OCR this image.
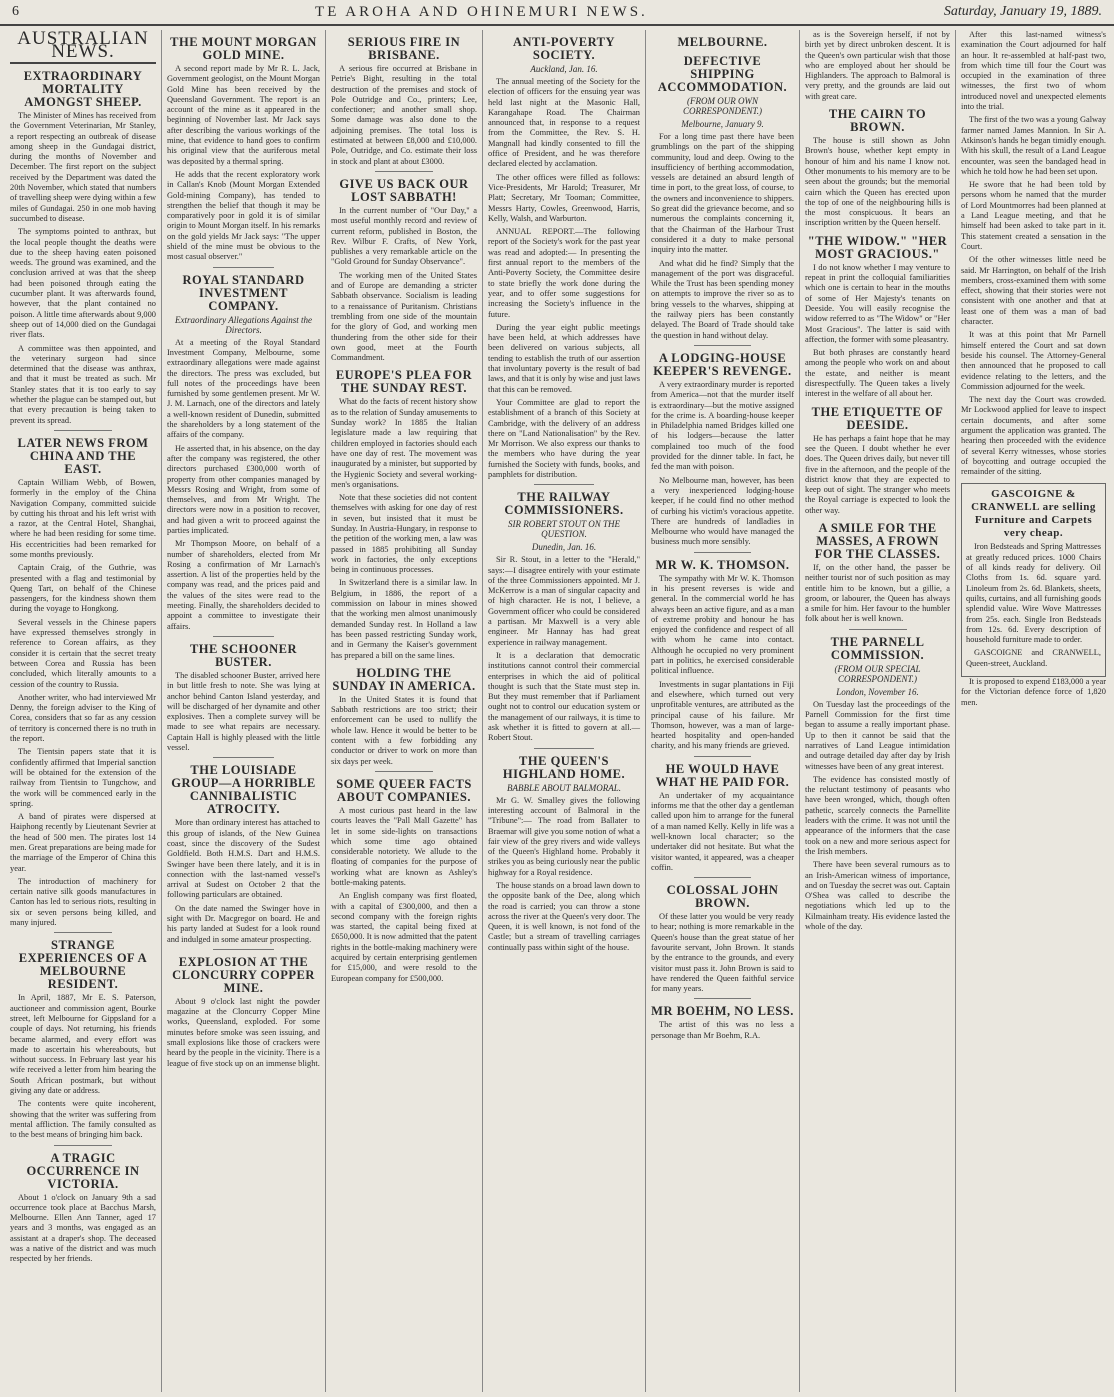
6	TE AROHA AND OHINEMURI NEWS.	Saturday, January 19, 1889.
AUSTRALIAN NEWS.
EXTRAORDINARY MORTALITY AMONGST SHEEP.

The Minister of Mines has received from the Government Veterinarian, Mr Stanley, a report respecting an outbreak of disease among sheep in the Gundagai district, during the months of November and December. The first report on the subject received by the Department was dated the 20th November, which stated that numbers of travelling sheep were dying within a few miles of Gundagai. 250 in one mob having succumbed to disease.

The symptoms pointed to anthrax, but the local people thought the deaths were due to the sheep having eaten poisoned weeds. The ground was examined, and the conclusion arrived at was that the sheep had been poisoned through eating the cucumber plant. It was afterwards found, however, that the plant contained no poison. A little time afterwards about 9,000 sheep out of 14,000 died on the Gundagai river flats.

A committee was then appointed, and the veterinary surgeon had since determined that the disease was anthrax, and that it must be treated as such. Mr Stanley states that it is too early to say whether the plague can be stamped out, but that every precaution is being taken to prevent its spread.

LATER NEWS FROM CHINA AND THE EAST.

Captain William Webb, of Bowen, formerly in the employ of the China Navigation Company, committed suicide by cutting his throat and his left wrist with a razor, at the Central Hotel, Shanghai, where he had been residing for some time. His eccentricities had been remarked for some months previously.

Captain Craig, of the Guthrie, was presented with a flag and testimonial by Queng Tart, on behalf of the Chinese passengers, for the kindness shown them during the voyage to Hongkong.

Several vessels in the Chinese papers have expressed themselves strongly in reference to Corean affairs, as they consider it is certain that the secret treaty between Corea and Russia has been concluded, which literally amounts to a cession of the country to Russia.

Another writer, who had interviewed Mr Denny, the foreign adviser to the King of Corea, considers that so far as any cession of territory is concerned there is no truth in the report.

The Tientsin papers state that it is confidently affirmed that Imperial sanction will be obtained for the extension of the railway from Tientsin to Tungchow, and the work will be commenced early in the spring.

A band of pirates were dispersed at Haiphong recently by Lieutenant Sevrier at the head of 500 men. The pirates lost 14 men. Great preparations are being made for the marriage of the Emperor of China this year.

The introduction of machinery for certain native silk goods manufactures in Canton has led to serious riots, resulting in six or seven persons being killed, and many injured.

STRANGE EXPERIENCES OF A MELBOURNE RESIDENT.

In April, 1887, Mr E. S. Paterson, auctioneer and commission agent, Bourke street, left Melbourne for Gippsland for a couple of days. Not returning, his friends became alarmed, and every effort was made to ascertain his whereabouts, but without success. In February last year his wife received a letter from him bearing the South African postmark, but without giving any date or address.

The contents were quite incoherent, showing that the writer was suffering from mental affliction. The family consulted as to the best means of bringing him back.

A TRAGIC OCCURRENCE IN VICTORIA.

About 1 o'clock on January 9th a sad occurrence took place at Bacchus Marsh, Melbourne. Ellen Ann Tanner, aged 17 years and 3 months, was engaged as an assistant at a draper's shop. The deceased was a native of the district and was much respected by her friends.

THE MOUNT MORGAN GOLD MINE.

A second report made by Mr R. L. Jack, Government geologist, on the Mount Morgan Gold Mine has been received by the Queensland Government. The report is an account of the mine as it appeared in the beginning of November last. Mr Jack says after describing the various workings of the mine, that evidence to hand goes to confirm his original view that the auriferous metal was deposited by a thermal spring.

He adds that the recent exploratory work in Callan's Knob (Mount Morgan Extended Gold-mining Company), has tended to strengthen the belief that though it may be comparatively poor in gold it is of similar origin to Mount Morgan itself. In his remarks on the gold yields Mr Jack says: "The upper shield of the mine must be obvious to the most casual observer."

ROYAL STANDARD INVESTMENT COMPANY.
Extraordinary Allegations Against the Directors.

At a meeting of the Royal Standard Investment Company, Melbourne, some extraordinary allegations were made against the directors. The press was excluded, but full notes of the proceedings have been furnished by some gentlemen present. Mr W. J. M. Larnach, one of the directors and lately a well-known resident of Dunedin, submitted the shareholders by a long statement of the affairs of the company.

He asserted that, in his absence, on the day after the company was registered, the other directors purchased £300,000 worth of property from other companies managed by Messrs Rosing and Wright, from some of themselves, and from Mr Wright. The directors were now in a position to recover, and had given a writ to proceed against the parties implicated.

Mr Thompson Moore, on behalf of a number of shareholders, elected from Mr Rosing a confirmation of Mr Larnach's assertion. A list of the properties held by the company was read, and the prices paid and the values of the sites were read to the meeting. Finally, the shareholders decided to appoint a committee to investigate their affairs.

THE SCHOONER BUSTER.

The disabled schooner Buster, arrived here in but little fresh to note. She was lying at anchor behind Canton Island yesterday, and will be discharged of her dynamite and other explosives. Then a complete survey will be made to see what repairs are necessary. Captain Hall is highly pleased with the little vessel.

THE LOUISIADE GROUP—A HORRIBLE CANNIBALISTIC ATROCITY.

More than ordinary interest has attached to this group of islands, of the New Guinea coast, since the discovery of the Sudest Goldfield. Both H.M.S. Dart and H.M.S. Swinger have been there lately, and it is in connection with the last-named vessel's arrival at Sudest on October 2 that the following particulars are obtained.

On the date named the Swinger hove in sight with Dr. Macgregor on board. He and his party landed at Sudest for a look round and indulged in some amateur prospecting.

EXPLOSION AT THE CLONCURRY COPPER MINE.

About 9 o'clock last night the powder magazine at the Cloncurry Copper Mine works, Queensland, exploded. For some minutes before smoke was seen issuing, and small explosions like those of crackers were heard by the people in the vicinity. There is a league of five stock up on an immense blight.

SERIOUS FIRE IN BRISBANE.

A serious fire occurred at Brisbane in Petrie's Bight, resulting in the total destruction of the premises and stock of Pole Outridge and Co., printers; Lee, confectioner; and another small shop. Some damage was also done to the adjoining premises. The total loss is estimated at between £8,000 and £10,000. Pole, Outridge, and Co. estimate their loss in stock and plant at about £3000.

GIVE US BACK OUR LOST SABBATH!

In the current number of "Our Day," a most useful monthly record and review of current reform, published in Boston, the Rev. Wilbur F. Crafts, of New York, publishes a very remarkable article on the "Gold Ground for Sunday Observance".

The working men of the United States and of Europe are demanding a stricter Sabbath observance. Socialism is leading to a renaissance of Puritanism. Christians trembling from one side of the mountain for the glory of God, and working men thundering from the other side for their own good, meet at the Fourth Commandment.

EUROPE'S PLEA FOR THE SUNDAY REST.

What do the facts of recent history show as to the relation of Sunday amusements to Sunday work? In 1885 the Italian legislature made a law requiring that children employed in factories should each have one day of rest. The movement was inaugurated by a minister, but supported by the Hygienic Society and several working-men's organisations.

Note that these societies did not content themselves with asking for one day of rest in seven, but insisted that it must be Sunday. In Austria-Hungary, in response to the petition of the working men, a law was passed in 1885 prohibiting all Sunday work in factories, the only exceptions being in continuous processes.

In Switzerland there is a similar law. In Belgium, in 1886, the report of a commission on labour in mines showed that the working men almost unanimously demanded Sunday rest. In Holland a law has been passed restricting Sunday work, and in Germany the Kaiser's government has prepared a bill on the same lines.

HOLDING THE SUNDAY IN AMERICA.

In the United States it is found that Sabbath restrictions are too strict; their enforcement can be used to nullify the whole law. Hence it would be better to be content with a few forbidding any conductor or driver to work on more than six days per week.

SOME QUEER FACTS ABOUT COMPANIES.

A most curious past heard in the law courts leaves the "Pall Mall Gazette" has let in some side-lights on transactions which some time ago obtained considerable notoriety. We allude to the floating of companies for the purpose of working what are known as Ashley's bottle-making patents.

An English company was first floated, with a capital of £300,000, and then a second company with the foreign rights was started, the capital being fixed at £650,000. It is now admitted that the patent rights in the bottle-making machinery were acquired by certain enterprising gentlemen for £15,000, and were resold to the European company for £500,000.

ANTI-POVERTY SOCIETY.
Auckland, Jan. 16.

The annual meeting of the Society for the election of officers for the ensuing year was held last night at the Masonic Hall, Karangahape Road. The Chairman announced that, in response to a request from the Committee, the Rev. S. H. Mangnall had kindly consented to fill the office of President, and he was therefore declared elected by acclamation.

The other offices were filled as follows: Vice-Presidents, Mr Harold; Treasurer, Mr Platt; Secretary, Mr Tooman; Committee, Messrs Harty, Cowles, Greenwood, Harris, Kelly, Walsh, and Warburton.

ANNUAL REPORT.—The following report of the Society's work for the past year was read and adopted:— In presenting the first annual report to the members of the Anti-Poverty Society, the Committee desire to state briefly the work done during the year, and to offer some suggestions for increasing the Society's influence in the future.

During the year eight public meetings have been held, at which addresses have been delivered on various subjects, all tending to establish the truth of our assertion that involuntary poverty is the result of bad laws, and that it is only by wise and just laws that this can be removed.

Your Committee are glad to report the establishment of a branch of this Society at Cambridge, with the delivery of an address there on "Land Nationalisation" by the Rev. Mr Morrison. We also express our thanks to the members who have during the year furnished the Society with funds, books, and pamphlets for distribution.

THE RAILWAY COMMISSIONERS.
SIR ROBERT STOUT ON THE QUESTION.
Dunedin, Jan. 16.

Sir R. Stout, in a letter to the "Herald," says:—I disagree entirely with your estimate of the three Commissioners appointed. Mr J. McKerrow is a man of singular capacity and of high character. He is not, I believe, a Government officer who could be considered a partisan. Mr Maxwell is a very able engineer. Mr Hannay has had great experience in railway management.

It is a declaration that democratic institutions cannot control their commercial enterprises in which the aid of political thought is such that the State must step in. But they must remember that if Parliament ought not to control our education system or the management of our railways, it is time to ask whether it is fitted to govern at all.—Robert Stout.

THE QUEEN'S HIGHLAND HOME.
BABBLE ABOUT BALMORAL.

Mr G. W. Smalley gives the following interesting account of Balmoral in the "Tribune":— The road from Ballater to Braemar will give you some notion of what a fair view of the grey rivers and wide valleys of the Queen's Highland home. Probably it strikes you as being curiously near the public highway for a Royal residence.

The house stands on a broad lawn down to the opposite bank of the Dee, along which the road is carried; you can throw a stone across the river at the Queen's very door. The Queen, it is well known, is not fond of the Castle; but a stream of travelling carriages continually pass within sight of the house.

MELBOURNE.
DEFECTIVE SHIPPING ACCOMMODATION.
(FROM OUR OWN CORRESPONDENT.)
Melbourne, January 9.

For a long time past there have been grumblings on the part of the shipping community, loud and deep. Owing to the insufficiency of berthing accommodation, vessels are detained an absurd length of time in port, to the great loss, of course, to the owners and inconvenience to shippers. So great did the grievance become, and so numerous the complaints concerning it, that the Chairman of the Harbour Trust considered it a duty to make personal inquiry into the matter.

And what did he find? Simply that the management of the port was disgraceful. While the Trust has been spending money on attempts to improve the river so as to bring vessels to the wharves, shipping at the railway piers has been constantly delayed. The Board of Trade should take the question in hand without delay.

A LODGING-HOUSE KEEPER'S REVENGE.

A very extraordinary murder is reported from America—not that the murder itself is extraordinary—but the motive assigned for the crime is. A boarding-house keeper in Philadelphia named Bridges killed one of his lodgers—because the latter complained too much of the food provided for the dinner table. In fact, he fed the man with poison.

No Melbourne man, however, has been a very inexperienced lodging-house keeper, if he could find no other method of curbing his victim's voracious appetite. There are hundreds of landladies in Melbourne who would have managed the business much more sensibly.

MR W. K. THOMSON.

The sympathy with Mr W. K. Thomson in his present reverses is wide and general. In the commercial world he has always been an active figure, and as a man of extreme probity and honour he has enjoyed the confidence and respect of all with whom he came into contact. Although he occupied no very prominent part in politics, he exercised considerable political influence.

Investments in sugar plantations in Fiji and elsewhere, which turned out very unprofitable ventures, are attributed as the principal cause of his failure. Mr Thomson, however, was a man of large-hearted hospitality and open-handed charity, and his many friends are grieved.

HE WOULD HAVE WHAT HE PAID FOR.

An undertaker of my acquaintance informs me that the other day a gentleman called upon him to arrange for the funeral of a man named Kelly. Kelly in life was a well-known local character; so the undertaker did not hesitate. But what the visitor wanted, it appeared, was a cheaper coffin.

COLOSSAL JOHN BROWN.

Of these latter you would be very ready to hear; nothing is more remarkable in the Queen's house than the great statue of her favourite servant, John Brown. It stands by the entrance to the grounds, and every visitor must pass it. John Brown is said to have rendered the Queen faithful service for many years.

MR BOEHM, NO LESS.

The artist of this was no less a personage than Mr Boehm, R.A.

as is the Sovereign herself, if not by birth yet by direct unbroken descent. It is the Queen's own particular wish that those who are employed about her should be Highlanders. The approach to Balmoral is very pretty, and the grounds are laid out with great care.

THE CAIRN TO BROWN.

The house is still shown as John Brown's house, whether kept empty in honour of him and his name I know not. Other monuments to his memory are to be seen about the grounds; but the memorial cairn which the Queen has erected upon the top of one of the neighbouring hills is the most conspicuous. It bears an inscription written by the Queen herself.

"THE WIDOW." "HER MOST GRACIOUS."

I do not know whether I may venture to repeat in print the colloquial familiarities which one is certain to hear in the mouths of some of Her Majesty's tenants on Deeside. You will easily recognise the widow referred to as "The Widow" or "Her Most Gracious". The latter is said with affection, the former with some pleasantry.

But both phrases are constantly heard among the people who work on and about the estate, and neither is meant disrespectfully. The Queen takes a lively interest in the welfare of all about her.

THE ETIQUETTE OF DEESIDE.

He has perhaps a faint hope that he may see the Queen. I doubt whether he ever does. The Queen drives daily, but never till five in the afternoon, and the people of the district know that they are expected to keep out of sight. The stranger who meets the Royal carriage is expected to look the other way.

A SMILE FOR THE MASSES, A FROWN FOR THE CLASSES.

If, on the other hand, the passer be neither tourist nor of such position as may entitle him to be known, but a gillie, a groom, or labourer, the Queen has always a smile for him. Her favour to the humbler folk about her is well known.

THE PARNELL COMMISSION.
(FROM OUR SPECIAL CORRESPONDENT.)
London, November 16.

On Tuesday last the proceedings of the Parnell Commission for the first time began to assume a really important phase. Up to then it cannot be said that the narratives of Land League intimidation and outrage detailed day after day by Irish witnesses have been of any great interest.

The evidence has consisted mostly of the reluctant testimony of peasants who have been wronged, which, though often pathetic, scarcely connects the Parnellite leaders with the crime. It was not until the appearance of the informers that the case took on a new and more serious aspect for the Irish members.

There have been several rumours as to an Irish-American witness of importance, and on Tuesday the secret was out. Captain O'Shea was called to describe the negotiations which led up to the Kilmainham treaty. His evidence lasted the whole of the day.

After this last-named witness's examination the Court adjourned for half an hour. It re-assembled at half-past two, from which time till four the Court was occupied in the examination of three witnesses, the first two of whom introduced novel and unexpected elements into the trial.

The first of the two was a young Galway farmer named James Mannion. In Sir A. Atkinson's hands he began timidly enough. With his skull, the result of a Land League encounter, was seen the bandaged head in which he told how he had been set upon.

He swore that he had been told by persons whom he named that the murder of Lord Mountmorres had been planned at a Land League meeting, and that he himself had been asked to take part in it. This statement created a sensation in the Court.

Of the other witnesses little need be said. Mr Harrington, on behalf of the Irish members, cross-examined them with some effect, showing that their stories were not consistent with one another and that at least one of them was a man of bad character.

It was at this point that Mr Parnell himself entered the Court and sat down beside his counsel. The Attorney-General then announced that he proposed to call evidence relating to the letters, and the Commission adjourned for the week.

The next day the Court was crowded. Mr Lockwood applied for leave to inspect certain documents, and after some argument the application was granted. The hearing then proceeded with the evidence of several Kerry witnesses, whose stories of boycotting and outrage occupied the remainder of the sitting.

GASCOIGNE & CRANWELL are selling Furniture and Carpets very cheap.

Iron Bedsteads and Spring Mattresses at greatly reduced prices. 1000 Chairs of all kinds ready for delivery. Oil Cloths from 1s. 6d. square yard. Linoleum from 2s. 6d. Blankets, sheets, quilts, curtains, and all furnishing goods splendid value. Wire Wove Mattresses from 25s. each. Single Iron Bedsteads from 12s. 6d. Every description of household furniture made to order.

GASCOIGNE and CRANWELL, Queen-street, Auckland.

It is proposed to expend £183,000 a year for the Victorian defence force of 1,820 men.
